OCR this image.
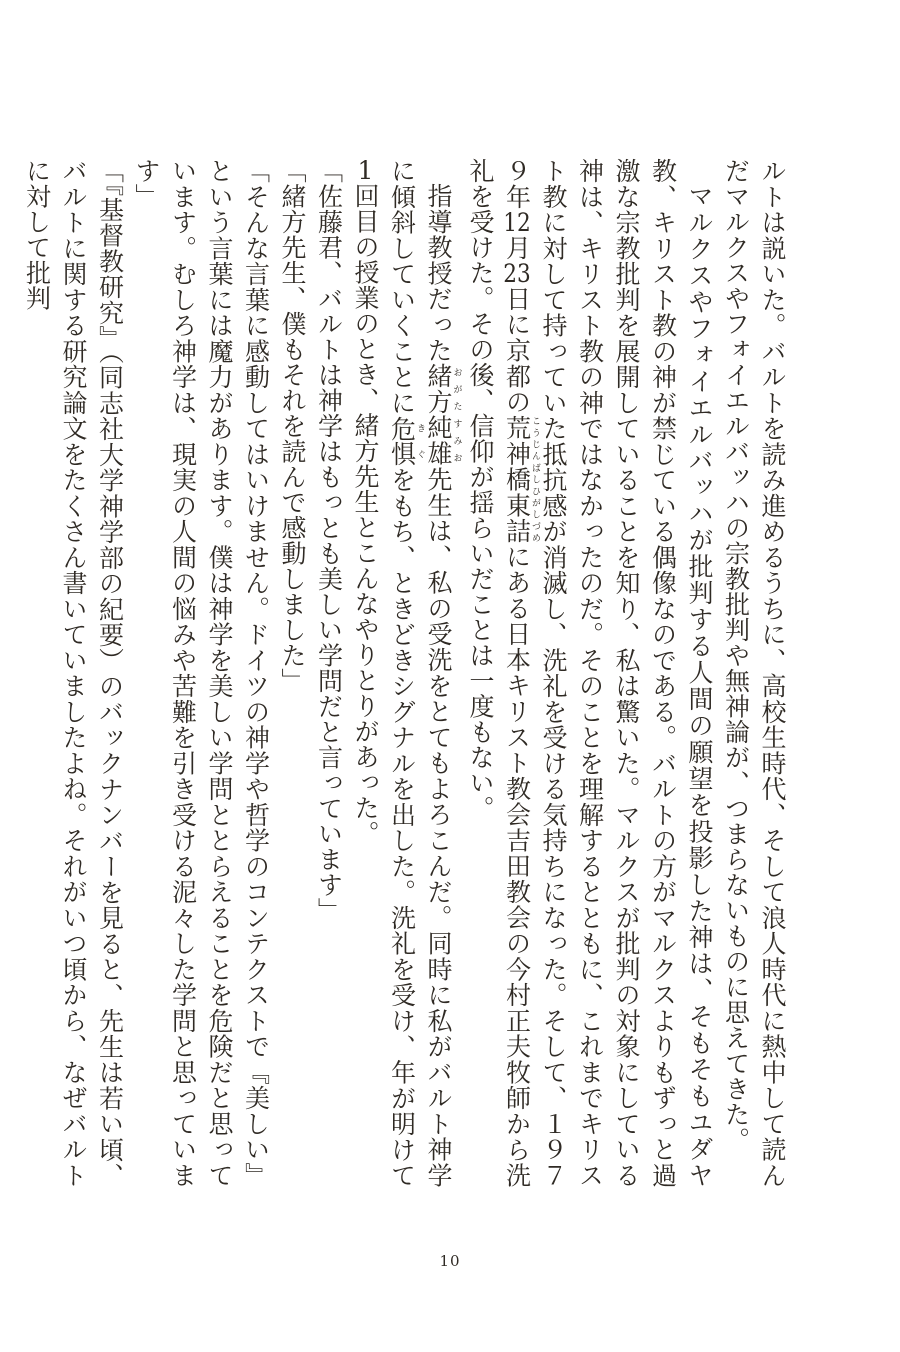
ルトは説いた。バルトを読み進めるうちに、高校生時代、そして浪人時代に熱中して読んだマルクスやフォイエルバッハの宗教批判や無神論が、つまらないものに思えてきた。

マルクスやフォイエルバッハが批判する人間の願望を投影した神は、そもそもユダヤ教、キリスト教の神が禁じている偶像なのである。バルトの方がマルクスよりもずっと過激な宗教批判を展開していることを知り、私は驚いた。マルクスが批判の対象にしている神は、キリスト教の神ではなかったのだ。そのことを理解するとともに、これまでキリスト教に対して持っていた抵抗感が消滅し、洗礼を受ける気持ちになった。そして、１９７９年12月23日に京都の荒神橋東詰こうじんばしひがしづめにある日本キリスト教会吉田教会の今村正夫牧師から洗礼を受けた。その後、信仰が揺らいだことは一度もない。

指導教授だった緒方純雄おがたすみお先生は、私の受洗をとてもよろこんだ。同時に私がバルト神学に傾斜していくことに危き惧ぐをもち、ときどきシグナルを出した。洗礼を受け、年が明けて1回目の授業のとき、緒方先生とこんなやりとりがあった。

「佐藤君、バルトは神学はもっとも美しい学問だと言っています」

「緒方先生、僕もそれを読んで感動しました」

「そんな言葉に感動してはいけません。ドイツの神学や哲学のコンテクストで『美しい』という言葉には魔力があります。僕は神学を美しい学問ととらえることを危険だと思っています。むしろ神学は、現実の人間の悩みや苦難を引き受ける泥々した学問と思っています」

「『基督教研究』（同志社大学神学部の紀要）のバックナンバーを見ると、先生は若い頃、バルトに関する研究論文をたくさん書いていましたよね。それがいつ頃から、なぜバルトに対して批判

10
